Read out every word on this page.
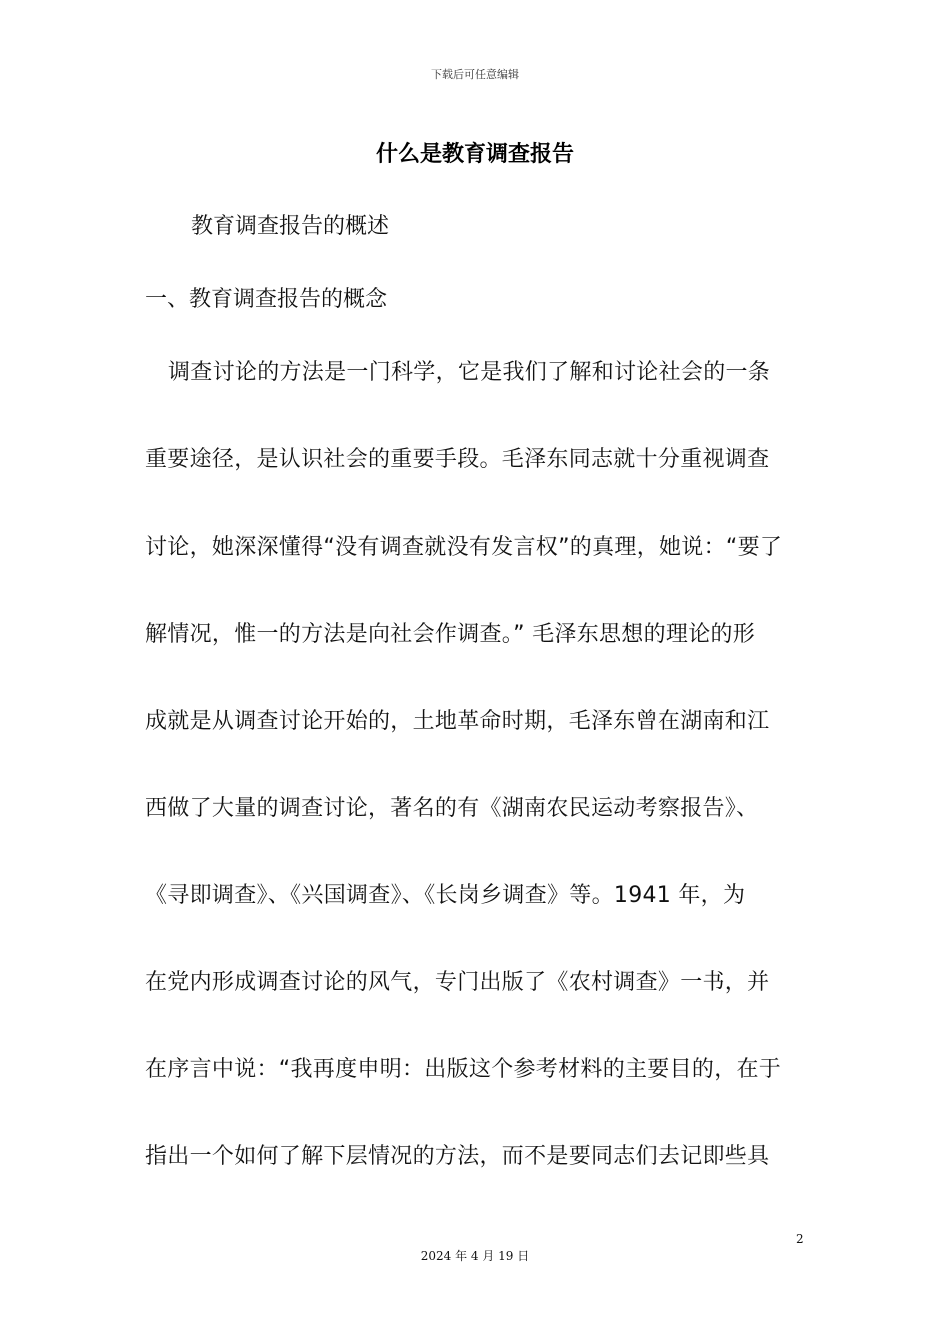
下载后可任意编辑
什么是教育调查报告
教育调查报告的概述
一、教育调查报告的概念
调查讨论的方法是一门科学，它是我们了解和讨论社会的一条
重要途径，是认识社会的重要手段。毛泽东同志就十分重视调查
讨论，她深深懂得“没有调查就没有发言权”的真理，她说：“要了
解情况，惟一的方法是向社会作调查。” 毛泽东思想的理论的形
成就是从调查讨论开始的，土地革命时期，毛泽东曾在湖南和江
西做了大量的调查讨论，著名的有《湖南农民运动考察报告》、
《寻即调查》、《兴国调查》、《长岗乡调查》等。1941 年，为
在党内形成调查讨论的风气，专门出版了《农村调查》一书，并
在序言中说：“我再度申明：出版这个参考材料的主要目的，在于
指出一个如何了解下层情况的方法，而不是要同志们去记即些具
2
2024 年 4 月 19 日
